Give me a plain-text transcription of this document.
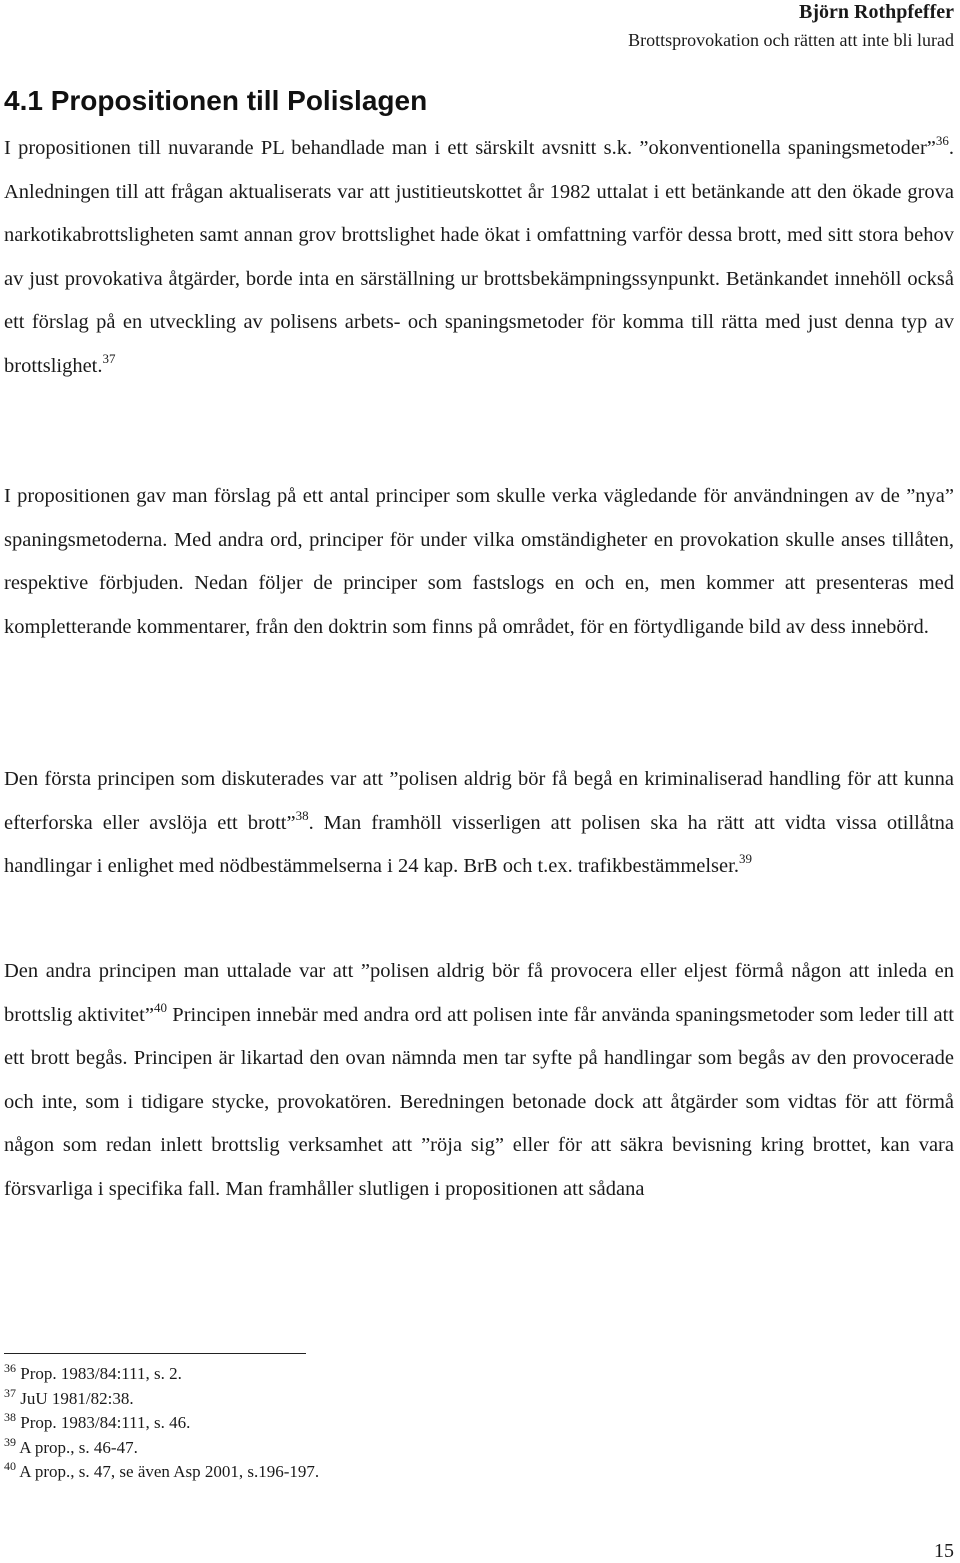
Björn Rothpfeffer
Brottsprovokation och rätten att inte bli lurad
4.1 Propositionen till Polislagen

I propositionen till nuvarande PL behandlade man i ett särskilt avsnitt s.k. ”okonventionella spaningsmetoder”$^{36}$. Anledningen till att frågan aktualiserats var att justitieutskottet år 1982 uttalat i ett betänkande att den ökade grova narkotikabrottsligheten samt annan grov brottslighet hade ökat i omfattning varför dessa brott, med sitt stora behov av just provokativa åtgärder, borde inta en särställning ur brottsbekämpningssynpunkt. Betänkandet innehöll också ett förslag på en utveckling av polisens arbets- och spaningsmetoder för komma till rätta med just denna typ av brottslighet.$^{37}$

I propositionen gav man förslag på ett antal principer som skulle verka vägledande för användningen av de ”nya” spaningsmetoderna. Med andra ord, principer för under vilka omständigheter en provokation skulle anses tillåten, respektive förbjuden. Nedan följer de principer som fastslogs en och en, men kommer att presenteras med kompletterande kommentarer, från den doktrin som finns på området, för en förtydligande bild av dess innebörd.

Den första principen som diskuterades var att ”polisen aldrig bör få begå en kriminaliserad handling för att kunna efterforska eller avslöja ett brott”$^{38}$. Man framhöll visserligen att polisen ska ha rätt att vidta vissa otillåtna handlingar i enlighet med nödbestämmelserna i 24 kap. BrB och t.ex. trafikbestämmelser.$^{39}$

Den andra principen man uttalade var att ”polisen aldrig bör få provocera eller eljest förmå någon att inleda en brottslig aktivitet”$^{40}$ Principen innebär med andra ord att polisen inte får använda spaningsmetoder som leder till att ett brott begås. Principen är likartad den ovan nämnda men tar syfte på handlingar som begås av den provocerade och inte, som i tidigare stycke, provokatören. Beredningen betonade dock att åtgärder som vidtas för att förmå någon som redan inlett brottslig verksamhet att ”röja sig” eller för att säkra bevisning kring brottet, kan vara försvarliga i specifika fall. Man framhåller slutligen i propositionen att sådana

$^{36}$ Prop. 1983/84:111, s. 2.
$^{37}$ JuU 1981/82:38.
$^{38}$ Prop. 1983/84:111, s. 46.
$^{39}$ A prop., s. 46-47.
$^{40}$ A prop., s. 47, se även Asp 2001, s.196-197.
15
